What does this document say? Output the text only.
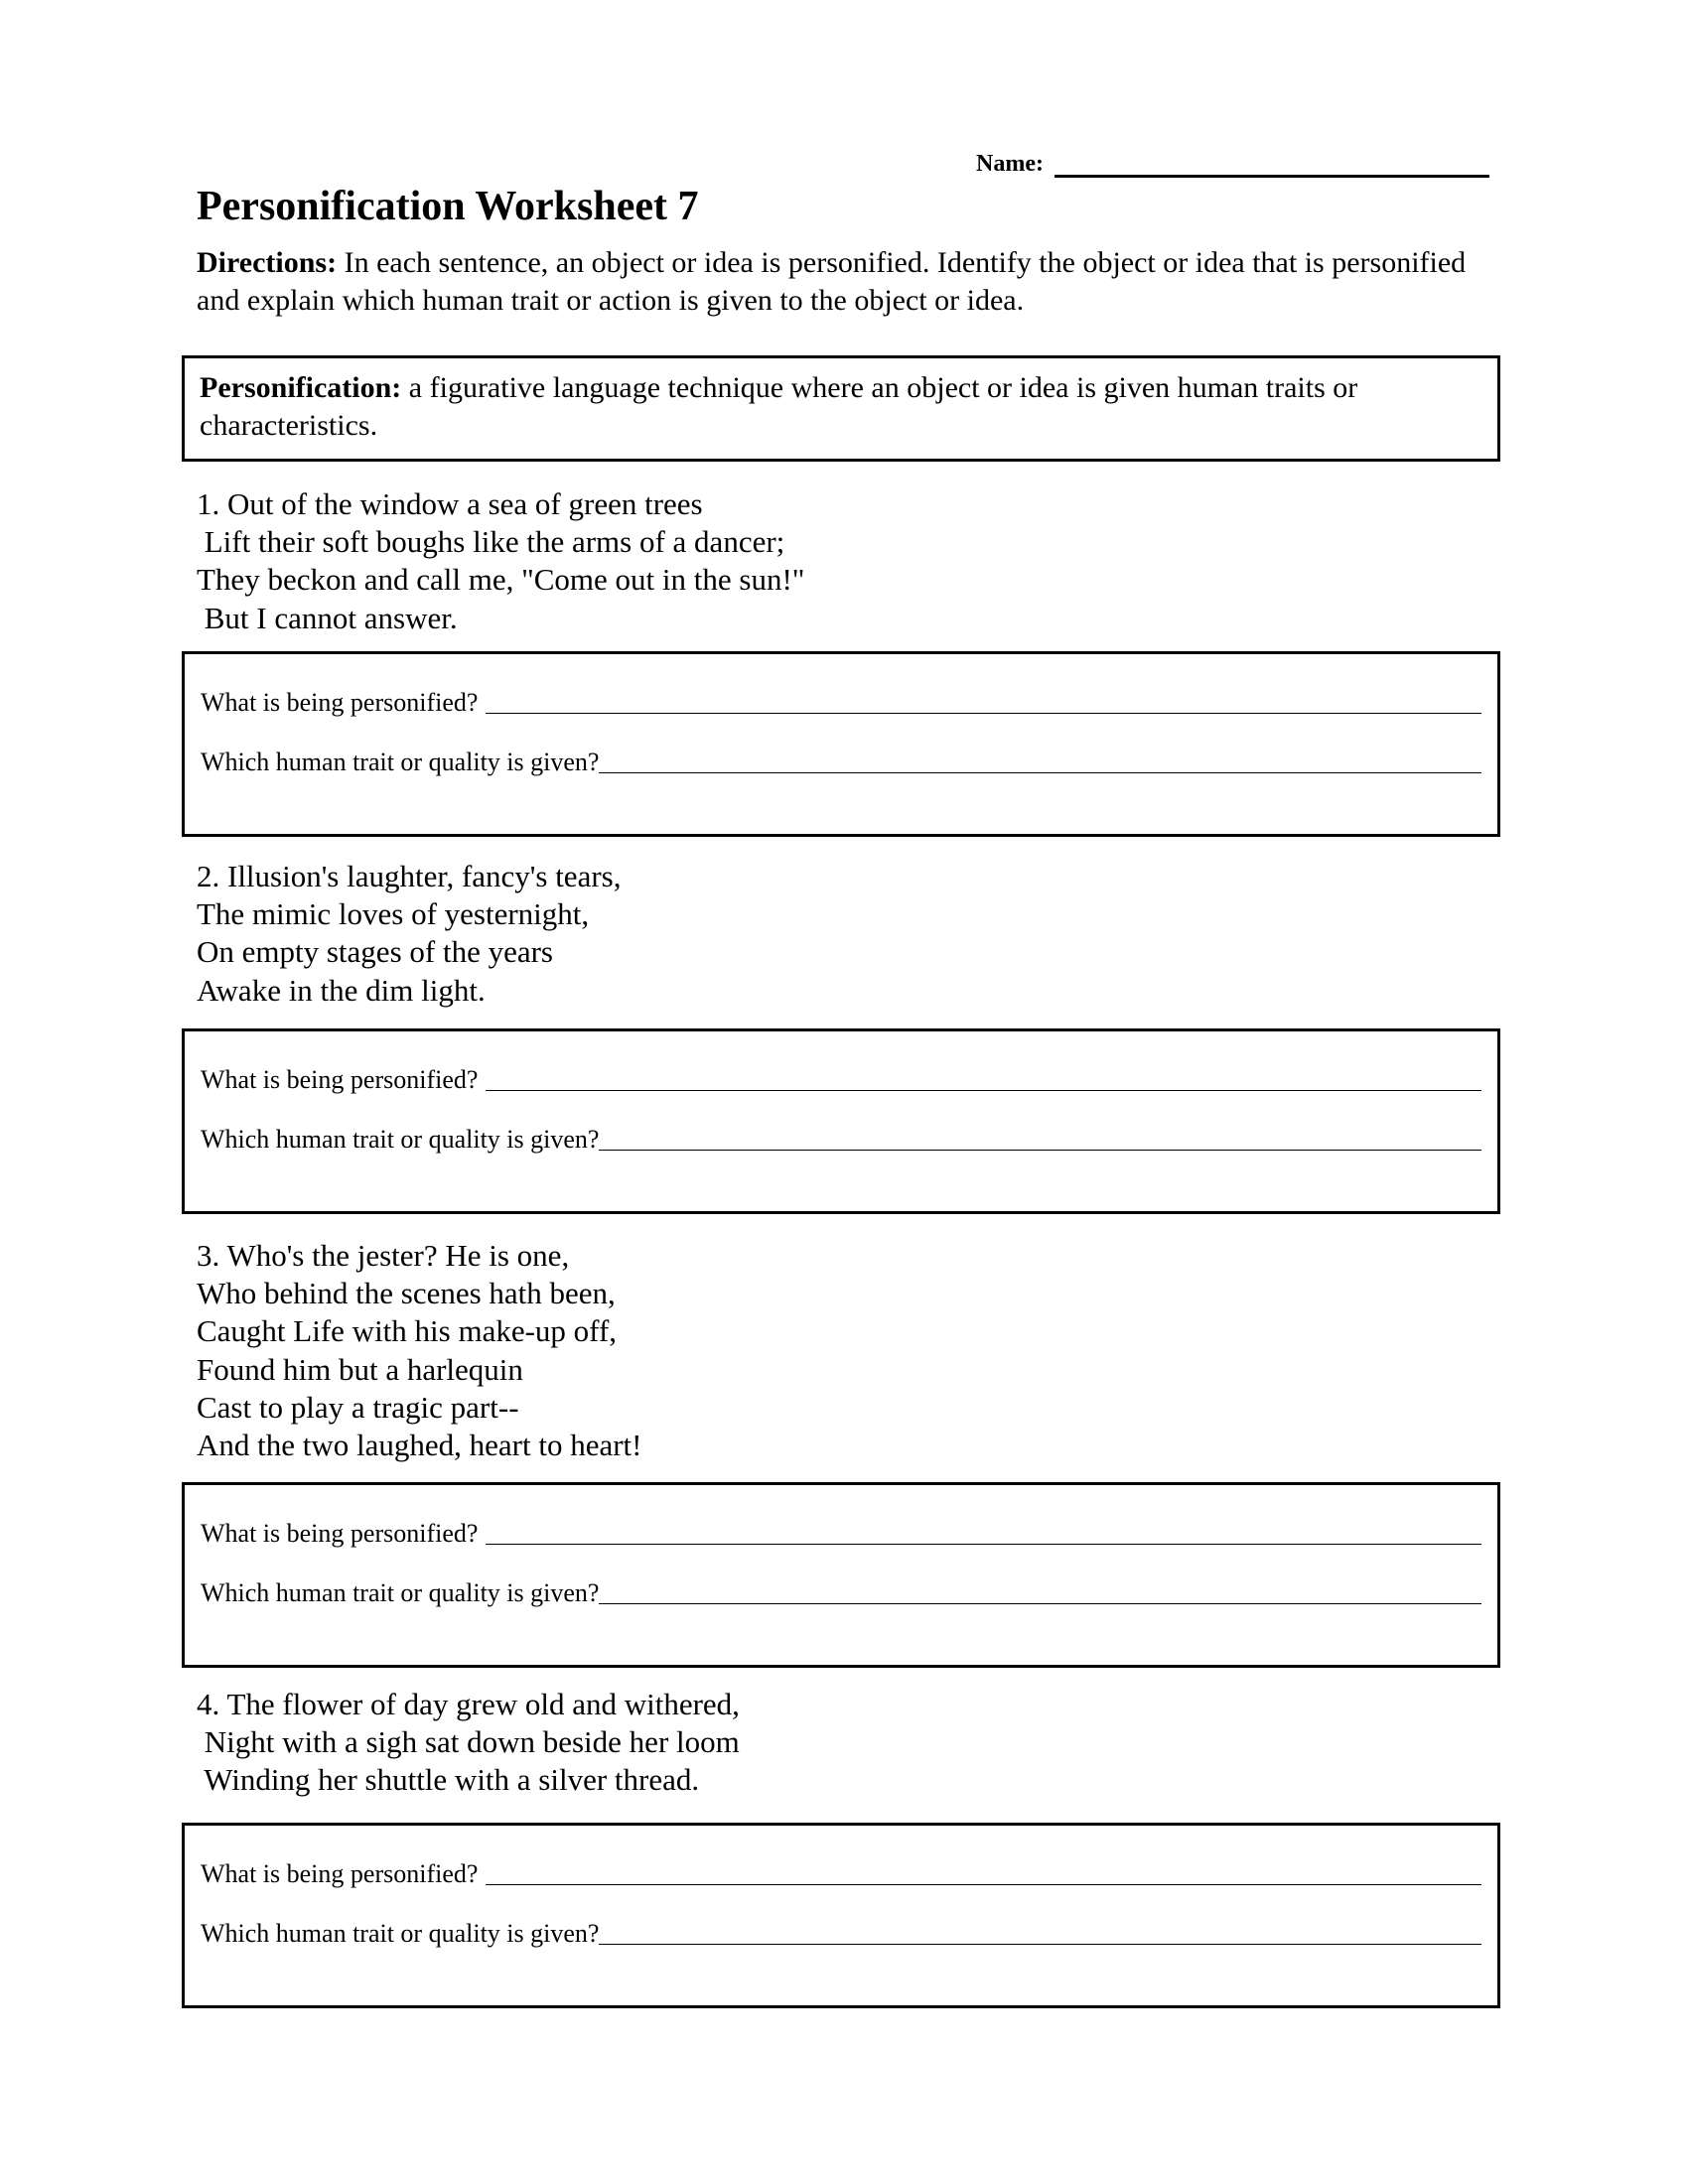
Name:
Personification Worksheet 7
Directions: In each sentence, an object or idea is personified. Identify the object or idea that is personified and explain which human trait or action is given to the object or idea.
Personification: a figurative language technique where an object or idea is given human traits or characteristics.
1. Out of the window a sea of green trees
Lift their soft boughs like the arms of a dancer;
They beckon and call me, "Come out in the sun!"
But I cannot answer.
What is being personified?
Which human trait or quality is given?
2. Illusion's laughter, fancy's tears,
The mimic loves of yesternight,
On empty stages of the years
Awake in the dim light.
What is being personified?
Which human trait or quality is given?
3. Who's the jester? He is one,
Who behind the scenes hath been,
Caught Life with his make-up off,
Found him but a harlequin
Cast to play a tragic part--
And the two laughed, heart to heart!
What is being personified?
Which human trait or quality is given?
4. The flower of day grew old and withered,
Night with a sigh sat down beside her loom
Winding her shuttle with a silver thread.
What is being personified?
Which human trait or quality is given?
